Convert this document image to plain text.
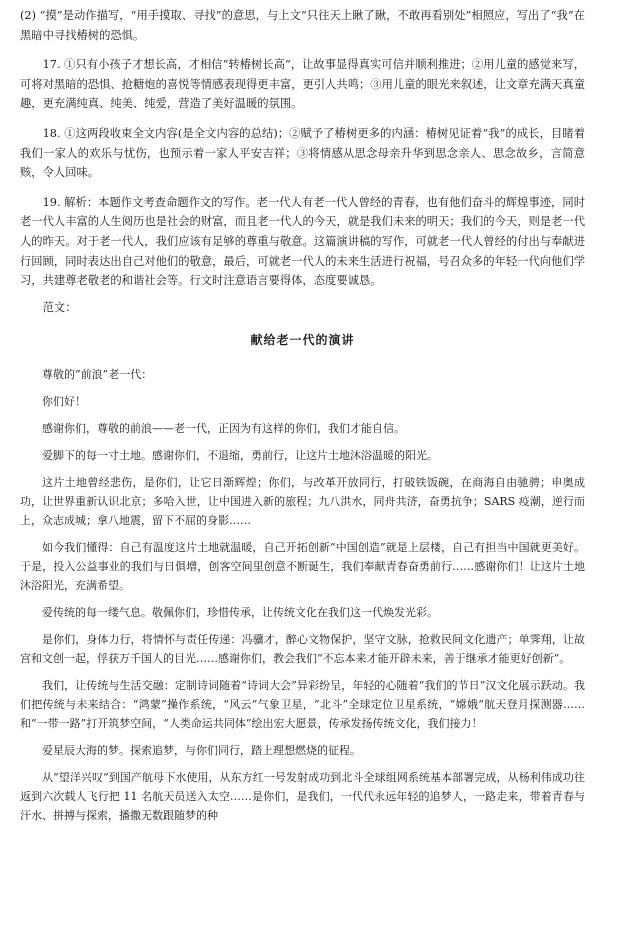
(2) “摸”是动作描写，“用手摸取、寻找”的意思，与上文“只往天上瞅了瞅，不敢再看别处”相照应，写出了“我”在黑暗中寻找椿树的恐惧。

17. ①只有小孩子才想长高，才相信“转椿树长高”，让故事显得真实可信并顺利推进；②用儿童的感觉来写，可将对黑暗的恐惧、抢糖炮的喜悦等情感表现得更丰富，更引人共鸣；③用儿童的眼光来叙述，让文章充满天真童趣，更充满纯真、纯美、纯爱，营造了美好温暖的氛围。

18. ①这两段收束全文内容(是全文内容的总结)；②赋予了椿树更多的内涵：椿树见证着“我”的成长，目睹着我们一家人的欢乐与忧伤，也预示着一家人平安吉祥；③将情感从思念母亲升华到思念亲人、思念故乡，言简意赅，令人回味。

19. 解析：本题作文考查命题作文的写作。老一代人有老一代人曾经的青春，也有他们奋斗的辉煌事迹，同时老一代人丰富的人生阅历也是社会的财富，而且老一代人的今天，就是我们未来的明天；我们的今天，则是老一代人的昨天。对于老一代人，我们应该有足够的尊重与敬意。这篇演讲稿的写作，可就老一代人曾经的付出与奉献进行回顾，同时表达出自己对他们的敬意，最后，可就老一代人的未来生活进行祝福，号召众多的年轻一代向他们学习，共建尊老敬老的和谐社会等。行文时注意语言要得体，态度要诚恳。

范文：

献给老一代的演讲

尊敬的“前浪”老一代：

你们好！

感谢你们，尊敬的前浪——老一代，正因为有这样的你们，我们才能自信。

爱脚下的每一寸土地。感谢你们，不退缩，勇前行，让这片土地沐浴温暖的阳光。

这片土地曾经悲伤，是你们，让它日渐辉煌；你们，与改革开放同行，打破铁饭碗，在商海自由驰骋；申奥成功，让世界重新认识北京；多哈入世，让中国进入新的旅程；九八洪水，同舟共济，奋勇抗争；SARS 疫潮，逆行而上，众志成城；拿八地震，留下不屈的身影……

如今我们懂得：自己有温度这片土地就温暖，自己开拓创新“中国创造”就是上层楼，自己有担当中国就更美好。于是，投入公益事业的我们与日俱增，创客空间里创意不断诞生，我们奉献青春奋勇前行……感谢你们！让这片土地沐浴阳光，充满希望。

爱传统的每一缕气息。敬佩你们，珍惜传承，让传统文化在我们这一代焕发光彩。

是你们，身体力行，将情怀与责任传递：冯骥才，醉心文物保护，坚守文脉，抢救民间文化遗产；单霁翔，让故宫和文创一起，俘获万千国人的目光……感谢你们，教会我们“不忘本来才能开辟未来，善于继承才能更好创新”。

我们，让传统与生活交融：定制诗词随着“诗词大会”异彩纷呈，年轻的心随着“我们的节日”汉文化展示跃动。我们把传统与未来结合：“鸿蒙”操作系统，“风云”气象卫星，“北斗”全球定位卫星系统，“嫦娥”航天登月探测器……和“一带一路”打开筑梦空间，“人类命运共同体”绘出宏大愿景，传承发扬传统文化，我们接力！

爱星辰大海的梦。探索追梦，与你们同行，踏上理想燃烧的征程。

从“望洋兴叹”到国产航母下水使用，从东方红一号发射成功到北斗全球组网系统基本部署完成，从杨利伟成功往返到六次载人飞行把 11 名航天员送入太空……是你们，是我们，一代代永远年轻的追梦人，一路走来，带着青春与汗水、拼搏与探索，播撒无数跟随梦的种
